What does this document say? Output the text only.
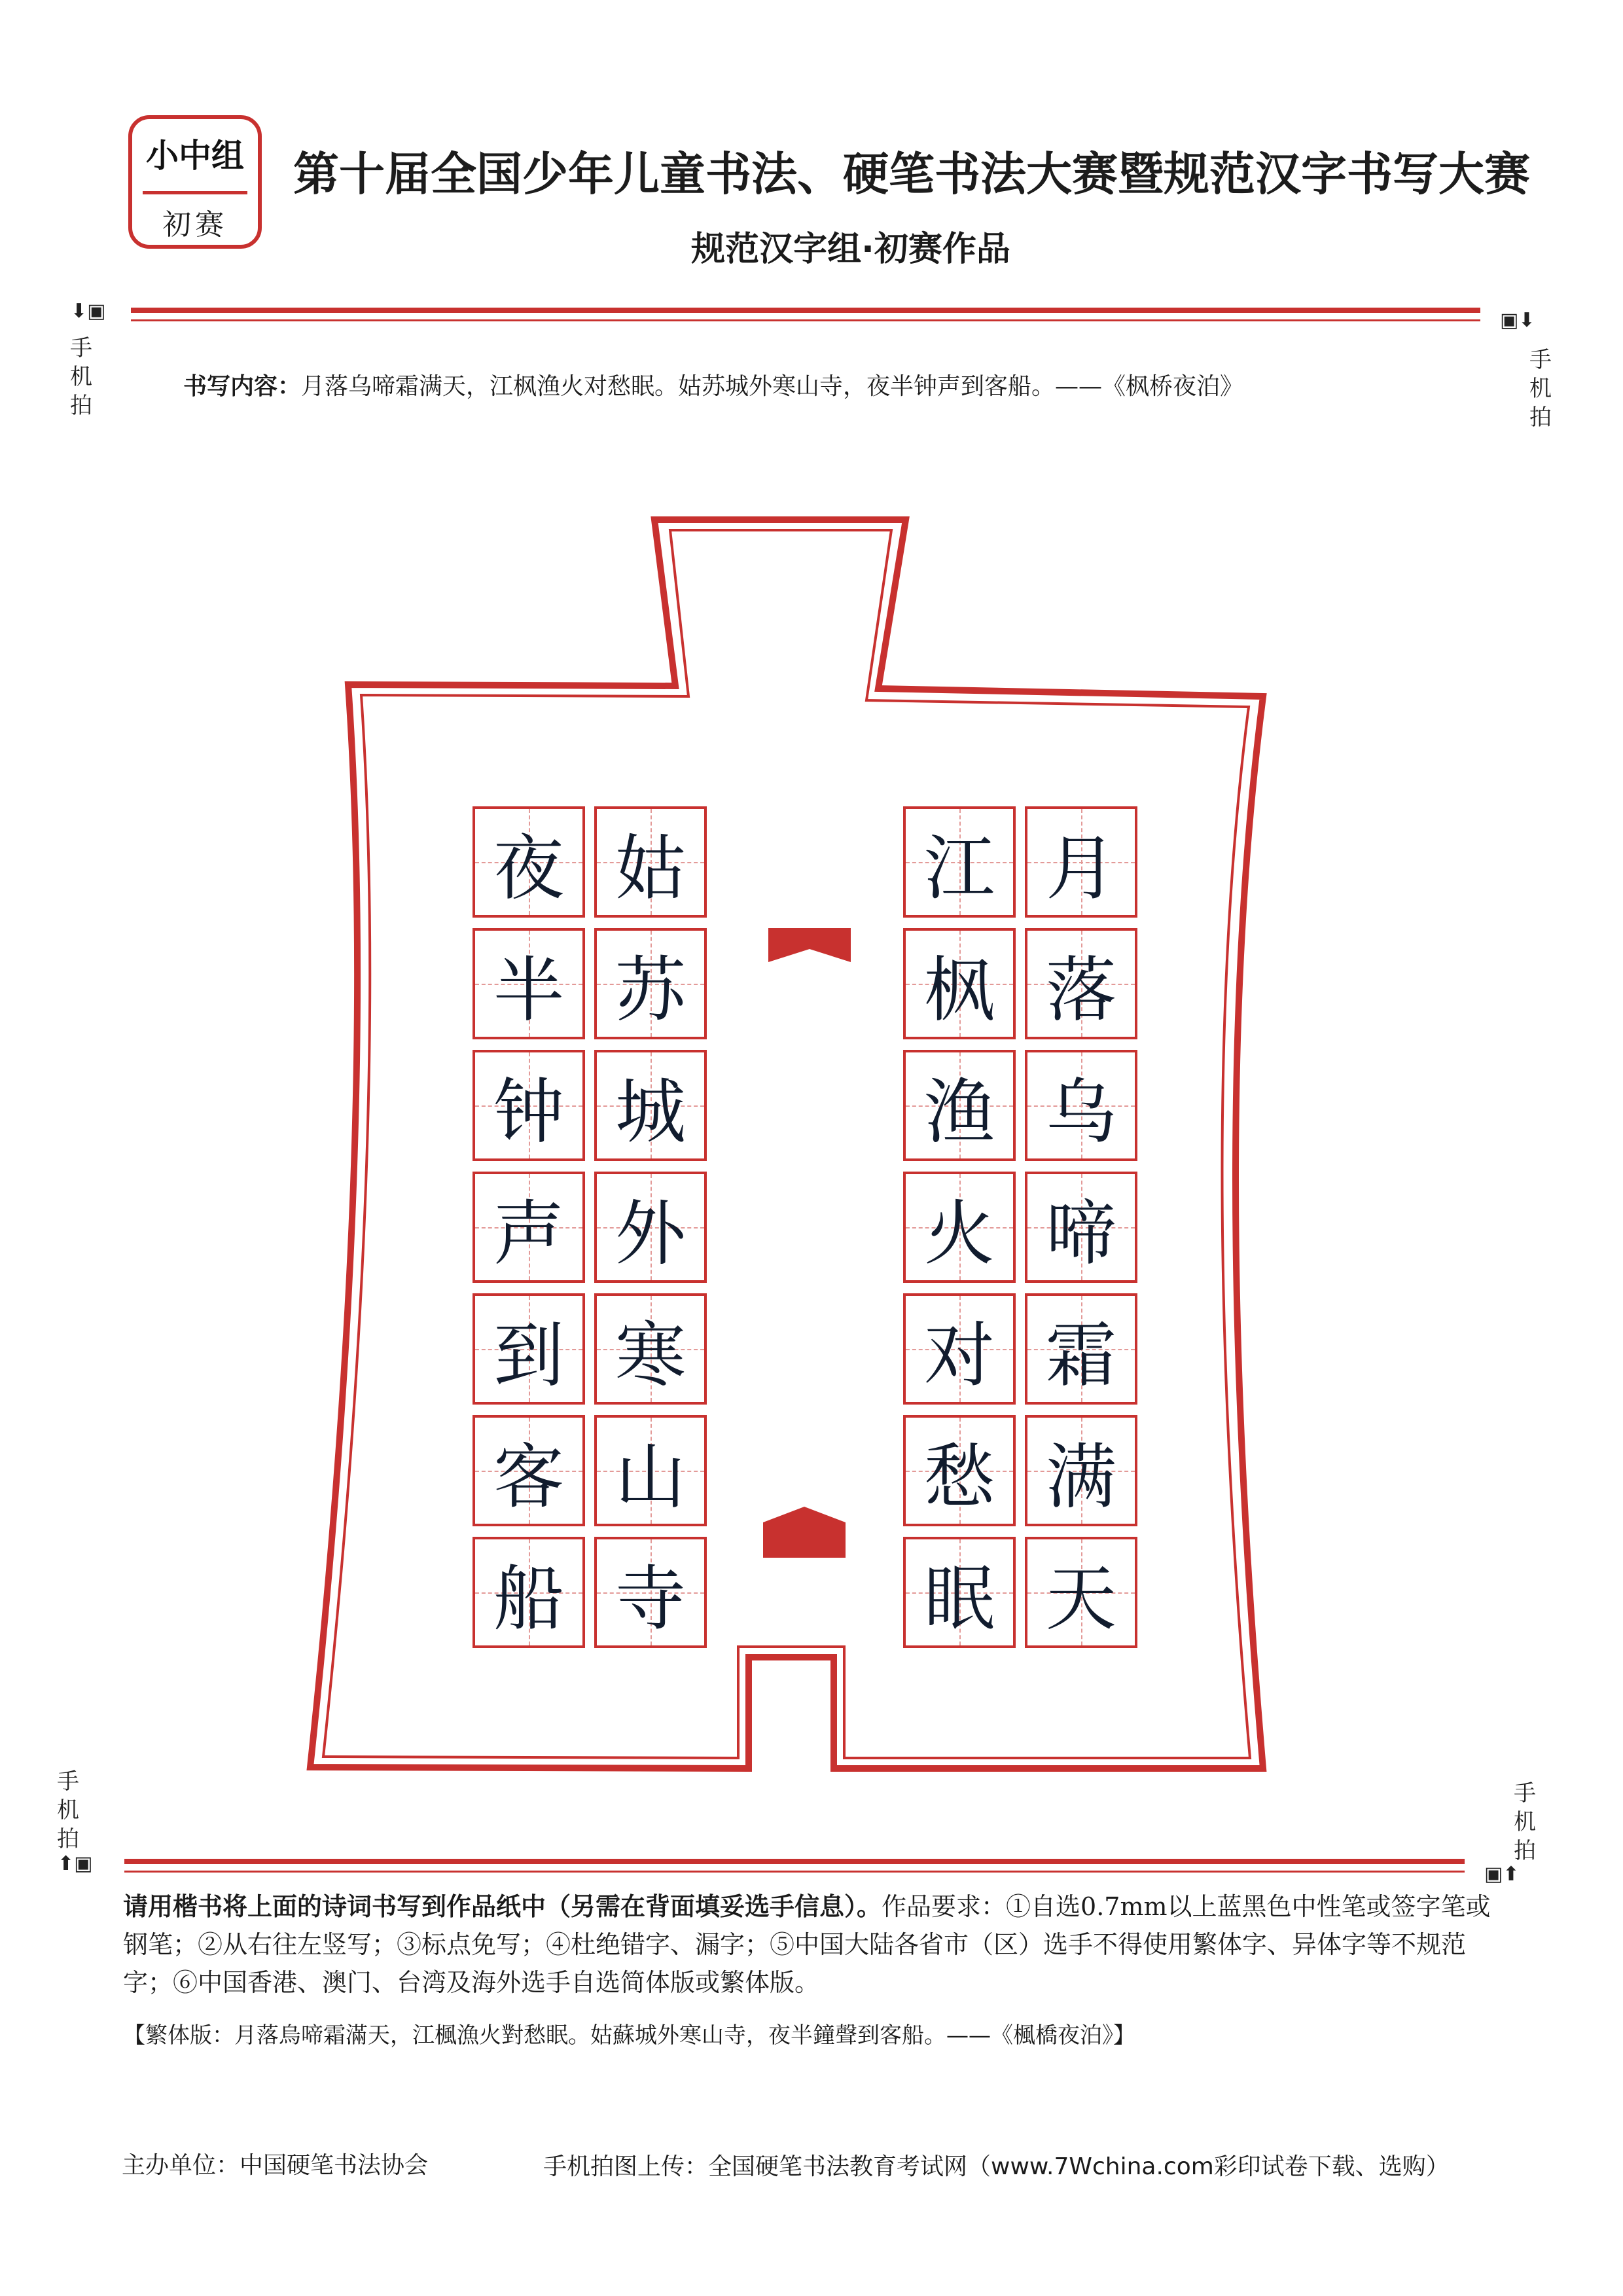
小中组
初赛
第十届全国少年儿童书法、硬笔书法大赛暨规范汉字书写大赛
规范汉字组·初赛作品
⬇▣
手机拍
▣⬇
手机拍
手机拍
⬆▣
手机拍
▣⬆
书写内容：月落乌啼霜满天，江枫渔火对愁眠。姑苏城外寒山寺，夜半钟声到客船。——《枫桥夜泊》
月
落
乌
啼
霜
满
天
江
枫
渔
火
对
愁
眠
姑
苏
城
外
寒
山
寺
夜
半
钟
声
到
客
船
请用楷书将上面的诗词书写到作品纸中（另需在背面填妥选手信息）。作品要求：①自选0.7mm以上蓝黑色中性笔或签字笔或钢笔；②从右往左竖写；③标点免写；④杜绝错字、漏字；⑤中国大陆各省市（区）选手不得使用繁体字、异体字等不规范字；⑥中国香港、澳门、台湾及海外选手自选简体版或繁体版。
【繁体版：月落烏啼霜滿天，江楓漁火對愁眠。姑蘇城外寒山寺，夜半鐘聲到客船。——《楓橋夜泊》】
主办单位：中国硬笔书法协会	手机拍图上传：全国硬笔书法教育考试网（www.7Wchina.com彩印试卷下载、选购）
